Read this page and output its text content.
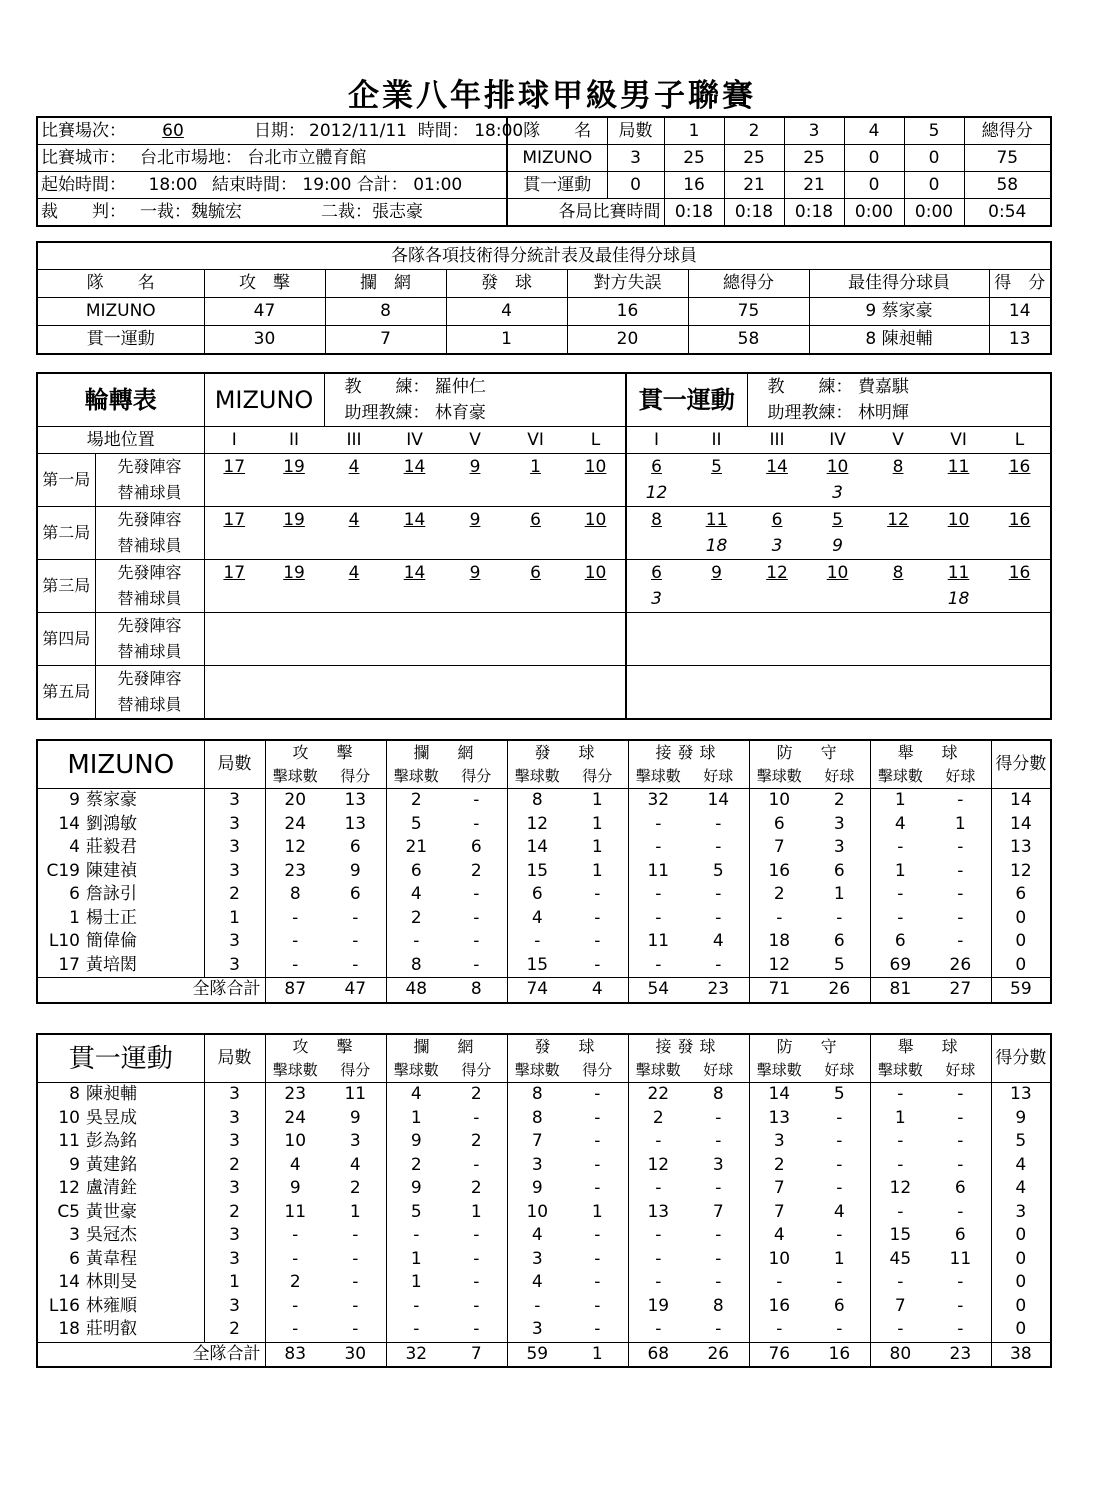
企業八年排球甲級男子聯賽
比賽場次：	60	日期：	2012/11/11 時間： 18:00	隊　　名	局數	1	2	3	4	5	總得分
比賽城市：	台北市場地： 台北市立體育館			MIZUNO	3	25	25	25	0	0	75
起始時間：	18:00	結束時間： 19:00 合計： 01:00		貫一運動	0	16	21	21	0	0	58
裁　　判：	一裁：魏毓宏		二裁：張志豪	各局比賽時間		0:18	0:18	0:18	0:00	0:00	0:54
各隊各項技術得分統計表及最佳得分球員							
隊　　名	攻　擊	攔　網	發　球	對方失誤	總得分	最佳得分球員	得　分
MIZUNO	47	8	4	16	75	9 蔡家豪	14
貫一運動	30	7	1	20	58	8 陳昶輔	13
輪轉表		MIZUNO		教　　練： 羅仲仁					貫一運動		教　　練： 費嘉騏				
				助理教練： 林育豪							助理教練： 林明輝				
場地位置		I	II	III	IV	V	VI	L	I	II	III	IV	V	VI	L
第一局	先發陣容	17	19	4	14	9	1	10	6	5	14	10	8	11	16
	替補球員								12			3			
第二局	先發陣容	17	19	4	14	9	6	10	8	11	6	5	12	10	16
	替補球員									18	3	9			
第三局	先發陣容	17	19	4	14	9	6	10	6	9	12	10	8	11	16
	替補球員								3					18	
第四局	先發陣容														
	替補球員														
第五局	先發陣容														
	替補球員														
MIZUNO	局數	攻　擊		攔　網		發　球		接發球		防　守		舉　球		得分數
		擊球數	得分	擊球數	得分	擊球數	得分	擊球數	好球	擊球數	好球	擊球數	好球	
9 蔡家豪	3	20	13	2	-	8	1	32	14	10	2	1	-	14
14 劉鴻敏	3	24	13	5	-	12	1	-	-	6	3	4	1	14
4 莊毅君	3	12	6	21	6	14	1	-	-	7	3	-	-	13
C19 陳建禎	3	23	9	6	2	15	1	11	5	16	6	1	-	12
6 詹詠引	2	8	6	4	-	6	-	-	-	2	1	-	-	6
1 楊士正	1	-	-	2	-	4	-	-	-	-	-	-	-	0
L10 簡偉倫	3	-	-	-	-	-	-	11	4	18	6	6	-	0
17 黃培閎	3	-	-	8	-	15	-	-	-	12	5	69	26	0
全隊合計		87	47	48	8	74	4	54	23	71	26	81	27	59
貫一運動	局數	攻　擊		攔　網		發　球		接發球		防　守		舉　球		得分數
		擊球數	得分	擊球數	得分	擊球數	得分	擊球數	好球	擊球數	好球	擊球數	好球	
8 陳昶輔	3	23	11	4	2	8	-	22	8	14	5	-	-	13
10 吳昱成	3	24	9	1	-	8	-	2	-	13	-	1	-	9
11 彭為銘	3	10	3	9	2	7	-	-	-	3	-	-	-	5
9 黃建銘	2	4	4	2	-	3	-	12	3	2	-	-	-	4
12 盧清銓	3	9	2	9	2	9	-	-	-	7	-	12	6	4
C5 黃世豪	2	11	1	5	1	10	1	13	7	7	4	-	-	3
3 吳冠杰	3	-	-	-	-	4	-	-	-	4	-	15	6	0
6 黃韋程	3	-	-	1	-	3	-	-	-	10	1	45	11	0
14 林則旻	1	2	-	1	-	4	-	-	-	-	-	-	-	0
L16 林雍順	3	-	-	-	-	-	-	19	8	16	6	7	-	0
18 莊明叡	2	-	-	-	-	3	-	-	-	-	-	-	-	0
全隊合計		83	30	32	7	59	1	68	26	76	16	80	23	38
